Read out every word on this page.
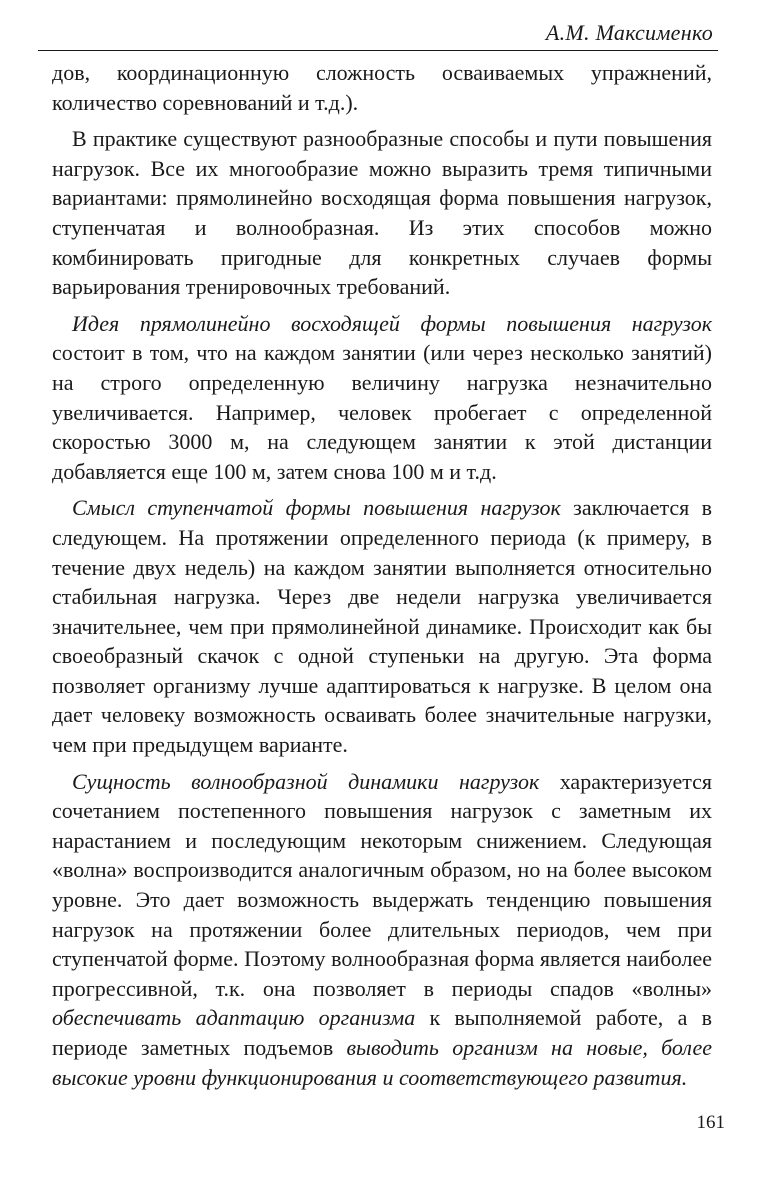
А.М. Максименко

дов, координационную сложность осваиваемых упражнений, количество соревнований и т.д.).

В практике существуют разнообразные способы и пути повышения нагрузок. Все их многообразие можно выразить тремя типичными вариантами: прямолинейно восходящая форма повышения нагрузок, ступенчатая и волнообразная. Из этих способов можно комбинировать пригодные для конкретных случаев формы варьирования тренировочных требований.

Идея прямолинейно восходящей формы повышения нагрузок состоит в том, что на каждом занятии (или через несколько занятий) на строго определенную величину нагрузка незначительно увеличивается. Например, человек пробегает с определенной скоростью 3000 м, на следующем занятии к этой дистанции добавляется еще 100 м, затем снова 100 м и т.д.

Смысл ступенчатой формы повышения нагрузок заключается в следующем. На протяжении определенного периода (к примеру, в течение двух недель) на каждом занятии выполняется относительно стабильная нагрузка. Через две недели нагрузка увеличивается значительнее, чем при прямолинейной динамике. Происходит как бы своеобразный скачок с одной ступеньки на другую. Эта форма позволяет организму лучше адаптироваться к нагрузке. В целом она дает человеку возможность осваивать более значительные нагрузки, чем при предыдущем варианте.

Сущность волнообразной динамики нагрузок характеризуется сочетанием постепенного повышения нагрузок с заметным их нарастанием и последующим некоторым снижением. Следующая «волна» воспроизводится аналогичным образом, но на более высоком уровне. Это дает возможность выдержать тенденцию повышения нагрузок на протяжении более длительных периодов, чем при ступенчатой форме. Поэтому волнообразная форма является наиболее прогрессивной, т.к. она позволяет в периоды спадов «волны» обеспечивать адаптацию организма к выполняемой работе, а в периоде заметных подъемов выводить организм на новые, более высокие уровни функционирования и соответствующего развития.

161
